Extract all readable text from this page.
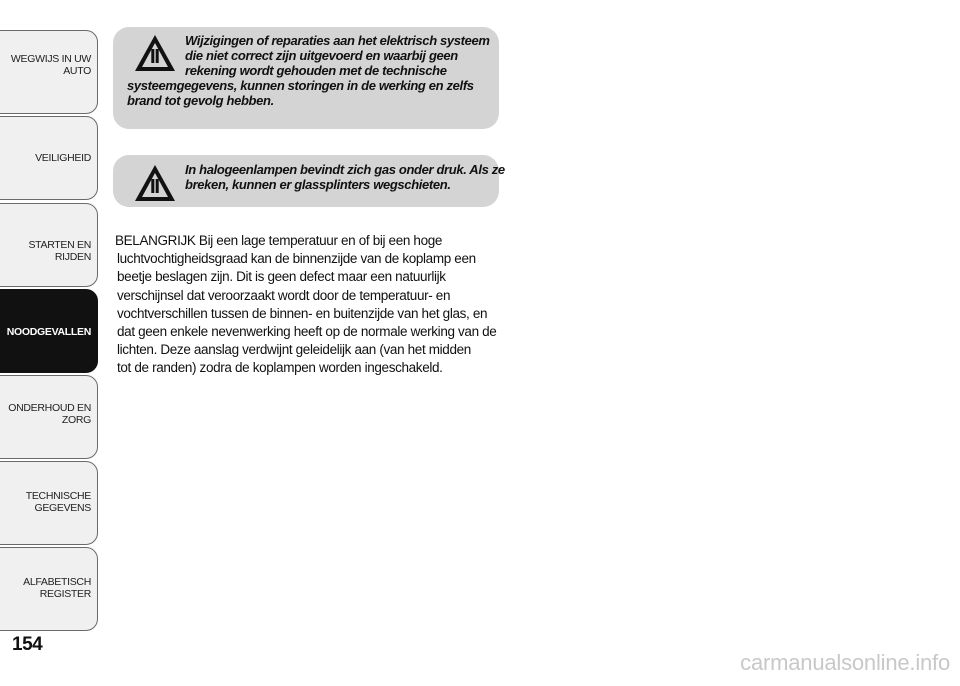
WEGWIJS IN UW
AUTO
VEILIGHEID
STARTEN EN RIJDEN
NOODGEVALLEN
ONDERHOUD EN
ZORG
TECHNISCHE
GEGEVENS
ALFABETISCH
REGISTER
154
Wijzigingen of reparaties aan het elektrisch systeem
die niet correct zijn uitgevoerd en waarbij geen
rekening wordt gehouden met de technische
systeemgegevens, kunnen storingen in de werking en zelfs
brand tot gevolg hebben.
In halogeenlampen bevindt zich gas onder druk. Als ze
breken, kunnen er glassplinters wegschieten.
BELANGRIJK Bij een lage temperatuur en of bij een hoge
luchtvochtigheidsgraad kan de binnenzijde van de koplamp een
beetje beslagen zijn. Dit is geen defect maar een natuurlijk
verschijnsel dat veroorzaakt wordt door de temperatuur- en
vochtverschillen tussen de binnen- en buitenzijde van het glas, en
dat geen enkele nevenwerking heeft op de normale werking van de
lichten. Deze aanslag verdwijnt geleidelijk aan (van het midden
tot de randen) zodra de koplampen worden ingeschakeld.
carmanualsonline.info
